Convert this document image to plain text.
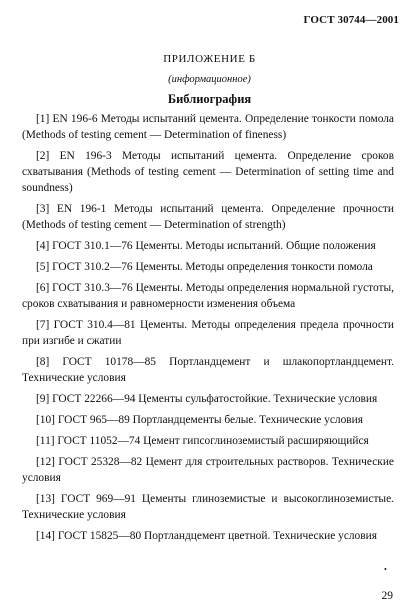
ГОСТ 30744—2001
ПРИЛОЖЕНИЕ Б
(информационное)
Библиография

[1] EN 196-6 Методы испытаний цемента. Определение тонкости помола (Methods of testing cement — Determination of fineness)

[2] EN 196-3 Методы испытаний цемента. Определение сроков схватывания (Methods of testing cement — Determination of setting time and soundness)

[3] EN 196-1 Методы испытаний цемента. Определение прочности (Methods of testing cement — Determination of strength)

[4] ГОСТ 310.1—76 Цементы. Методы испытаний. Общие положения

[5] ГОСТ 310.2—76 Цементы. Методы определения тонкости помола

[6] ГОСТ 310.3—76 Цементы. Методы определения нормальной густоты, сроков схватывания и равномерности изменения объема

[7] ГОСТ 310.4—81 Цементы. Методы определения предела прочности при изгибе и сжатии

[8] ГОСТ 10178—85 Портландцемент и шлакопортландцемент. Технические условия

[9] ГОСТ 22266—94 Цементы сульфатостойкие. Технические условия

[10] ГОСТ 965—89 Портландцементы белые. Технические условия

[11] ГОСТ 11052—74 Цемент гипсоглиноземистый расширяющийся

[12] ГОСТ 25328—82 Цемент для строительных растворов. Технические условия

[13] ГОСТ 969—91 Цементы глиноземистые и высокоглиноземистые. Технические условия

[14] ГОСТ 15825—80 Портландцемент цветной. Технические условия

•
29
